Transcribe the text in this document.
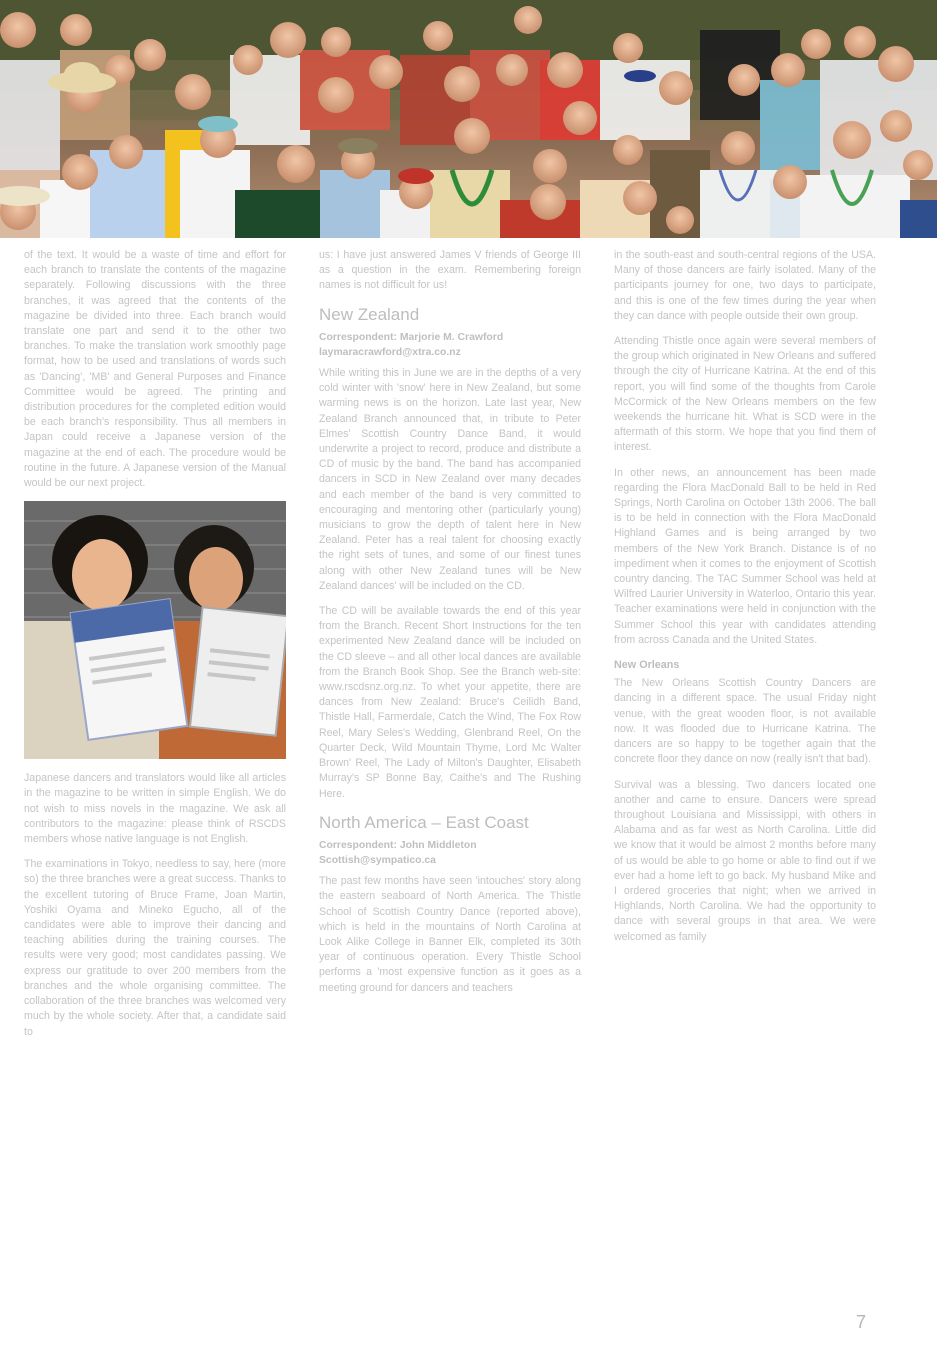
of the text. It would be a waste of time and effort for each branch to translate the contents of the magazine separately. Following discussions with the three branches, it was agreed that the contents of the magazine be divided into three. Each branch would translate one part and send it to the other two branches. To make the translation work smoothly page format, how to be used and translations of words such as 'Dancing', 'MB' and General Purposes and Finance Committee would be agreed. The printing and distribution procedures for the completed edition would be each branch's responsibility. Thus all members in Japan could receive a Japanese version of the magazine at the end of each. The procedure would be routine in the future. A Japanese version of the Manual would be our next project.

Japanese dancers and translators would like all articles in the magazine to be written in simple English. We do not wish to miss novels in the magazine. We ask all contributors to the magazine: please think of RSCDS members whose native language is not English.

The examinations in Tokyo, needless to say, here (more so) the three branches were a great success. Thanks to the excellent tutoring of Bruce Frame, Joan Martin, Yoshiki Oyama and Mineko Egucho, all of the candidates were able to improve their dancing and teaching abilities during the training courses. The results were very good; most candidates passing. We express our gratitude to over 200 members from the branches and the whole organising committee. The collaboration of the three branches was welcomed very much by the whole society. After that, a candidate said to

us: I have just answered James V friends of George III as a question in the exam. Remembering foreign names is not difficult for us!

New Zealand

Correspondent: Marjorie M. Crawford

laymaracrawford@xtra.co.nz

While writing this in June we are in the depths of a very cold winter with 'snow' here in New Zealand, but some warming news is on the horizon. Late last year, New Zealand Branch announced that, in tribute to Peter Elmes' Scottish Country Dance Band, it would underwrite a project to record, produce and distribute a CD of music by the band. The band has accompanied dancers in SCD in New Zealand over many decades and each member of the band is very committed to encouraging and mentoring other (particularly young) musicians to grow the depth of talent here in New Zealand. Peter has a real talent for choosing exactly the right sets of tunes, and some of our finest tunes along with other New Zealand tunes will be New Zealand dances' will be included on the CD.

The CD will be available towards the end of this year from the Branch. Recent Short Instructions for the ten experimented New Zealand dance will be included on the CD sleeve – and all other local dances are available from the Branch Book Shop. See the Branch web-site: www.rscdsnz.org.nz. To whet your appetite, there are dances from New Zealand: Bruce's Ceilidh Band, Thistle Hall, Farmerdale, Catch the Wind, The Fox Row Reel, Mary Seles's Wedding, Glenbrand Reel, On the Quarter Deck, Wild Mountain Thyme, Lord Mc Walter Brown' Reel, The Lady of Milton's Daughter, Elisabeth Murray's SP Bonne Bay, Caithe's and The Rushing Here.

North America – East Coast

Correspondent: John Middleton

Scottish@sympatico.ca

The past few months have seen 'intouches' story along the eastern seaboard of North America. The Thistle School of Scottish Country Dance (reported above), which is held in the mountains of North Carolina at Look Alike College in Banner Elk, completed its 30th year of continuous operation. Every Thistle School performs a 'most expensive function as it goes as a meeting ground for dancers and teachers

in the south-east and south-central regions of the USA. Many of those dancers are fairly isolated. Many of the participants journey for one, two days to participate, and this is one of the few times during the year when they can dance with people outside their own group.

Attending Thistle once again were several members of the group which originated in New Orleans and suffered through the city of Hurricane Katrina. At the end of this report, you will find some of the thoughts from Carole McCormick of the New Orleans members on the few weekends the hurricane hit. What is SCD were in the aftermath of this storm. We hope that you find them of interest.

In other news, an announcement has been made regarding the Flora MacDonald Ball to be held in Red Springs, North Carolina on October 13th 2006. The ball is to be held in connection with the Flora MacDonald Highland Games and is being arranged by two members of the New York Branch. Distance is of no impediment when it comes to the enjoyment of Scottish country dancing. The TAC Summer School was held at Wilfred Laurier University in Waterloo, Ontario this year. Teacher examinations were held in conjunction with the Summer School this year with candidates attending from across Canada and the United States.

New Orleans

The New Orleans Scottish Country Dancers are dancing in a different space. The usual Friday night venue, with the great wooden floor, is not available now. It was flooded due to Hurricane Katrina. The dancers are so happy to be together again that the concrete floor they dance on now (really isn't that bad).

Survival was a blessing. Two dancers located one another and came to ensure. Dancers were spread throughout Louisiana and Mississippi, with others in Alabama and as far west as North Carolina. Little did we know that it would be almost 2 months before many of us would be able to go home or able to find out if we ever had a home left to go back. My husband Mike and I ordered groceries that night; when we arrived in Highlands, North Carolina. We had the opportunity to dance with several groups in that area. We were welcomed as family

7
